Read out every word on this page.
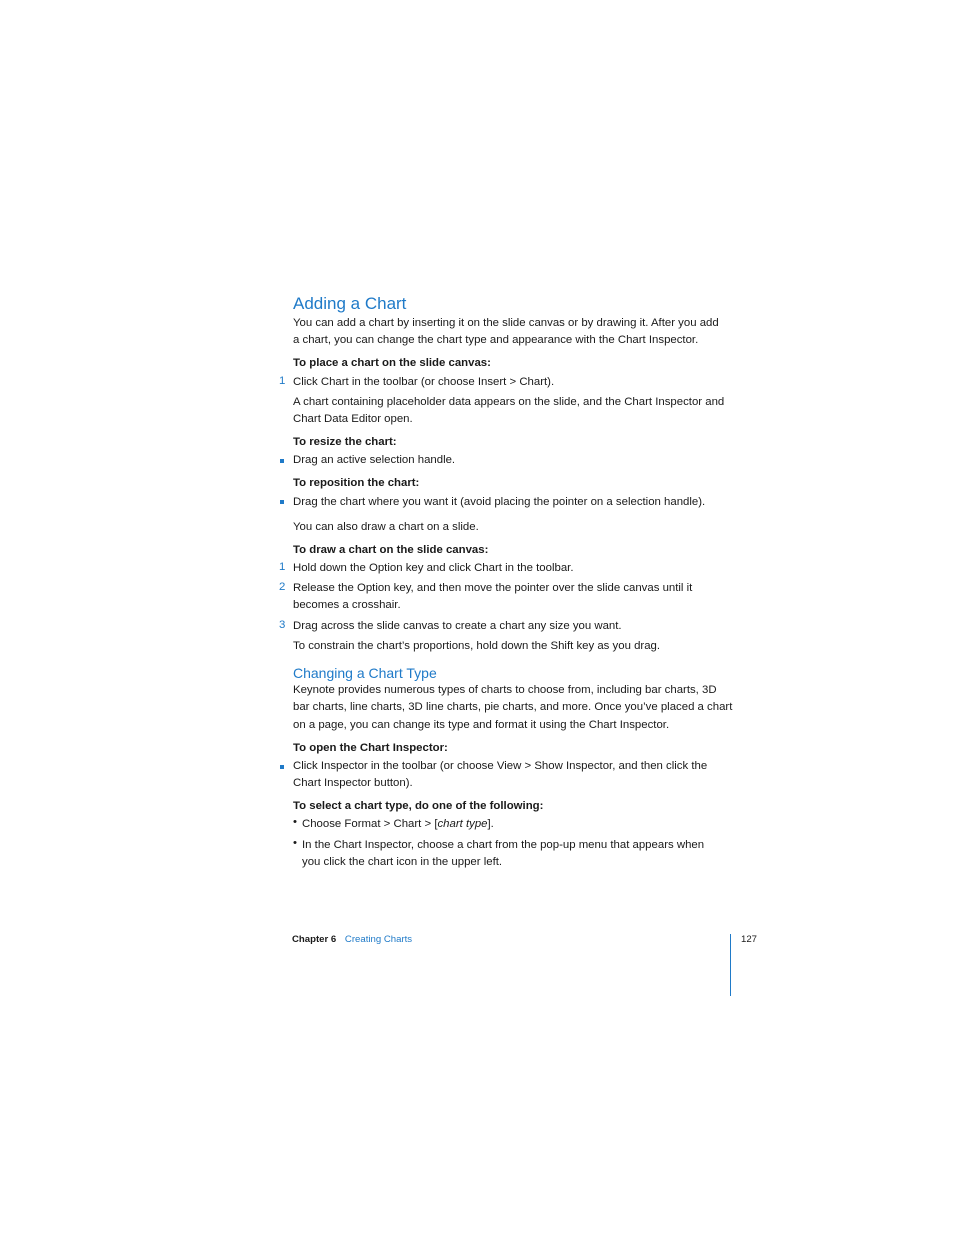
Adding a Chart
You can add a chart by inserting it on the slide canvas or by drawing it. After you add
a chart, you can change the chart type and appearance with the Chart Inspector.
To place a chart on the slide canvas:
1 Click Chart in the toolbar (or choose Insert > Chart).
A chart containing placeholder data appears on the slide, and the Chart Inspector and
Chart Data Editor open.
To resize the chart:
Drag an active selection handle.
To reposition the chart:
Drag the chart where you want it (avoid placing the pointer on a selection handle).
You can also draw a chart on a slide.
To draw a chart on the slide canvas:
1 Hold down the Option key and click Chart in the toolbar.
2 Release the Option key, and then move the pointer over the slide canvas until it
becomes a crosshair.
3 Drag across the slide canvas to create a chart any size you want.
To constrain the chart’s proportions, hold down the Shift key as you drag.
Changing a Chart Type
Keynote provides numerous types of charts to choose from, including bar charts, 3D
bar charts, line charts, 3D line charts, pie charts, and more. Once you’ve placed a chart
on a page, you can change its type and format it using the Chart Inspector.
To open the Chart Inspector:
Click Inspector in the toolbar (or choose View > Show Inspector, and then click the
Chart Inspector button).
To select a chart type, do one of the following:
• Choose Format > Chart > [chart type].
• In the Chart Inspector, choose a chart from the pop-up menu that appears when
you click the chart icon in the upper left.
Chapter 6 Creating Charts	127
